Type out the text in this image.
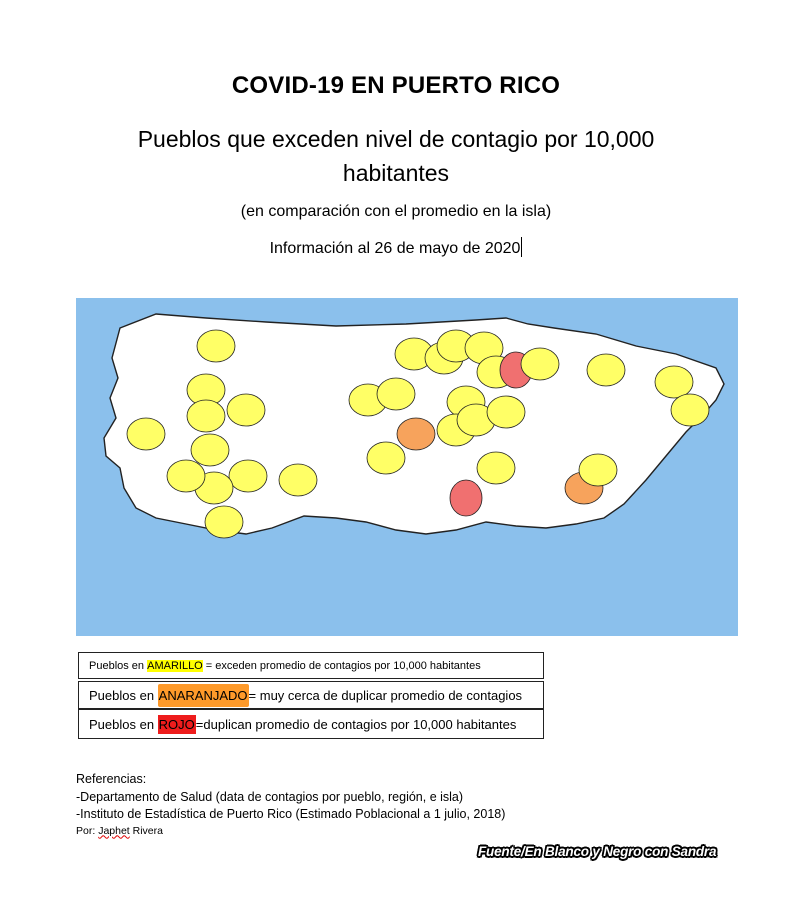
COVID-19 EN PUERTO RICO
Pueblos que exceden nivel de contagio por 10,000 habitantes
(en comparación con el promedio en la isla)
Información al 26 de mayo de 2020
Pueblos en AMARILLO = exceden promedio de contagios por 10,000 habitantes
Pueblos en ANARANJADO = muy cerca de duplicar promedio de contagios
Pueblos en ROJO =duplican promedio de contagios por 10,000 habitantes
Referencias:
-Departamento de Salud (data de contagios por pueblo, región, e isla)
-Instituto de Estadística de Puerto Rico (Estimado Poblacional a 1 julio, 2018)
Por: Japhet Rivera
Fuente/En Blanco y Negro con Sandra
